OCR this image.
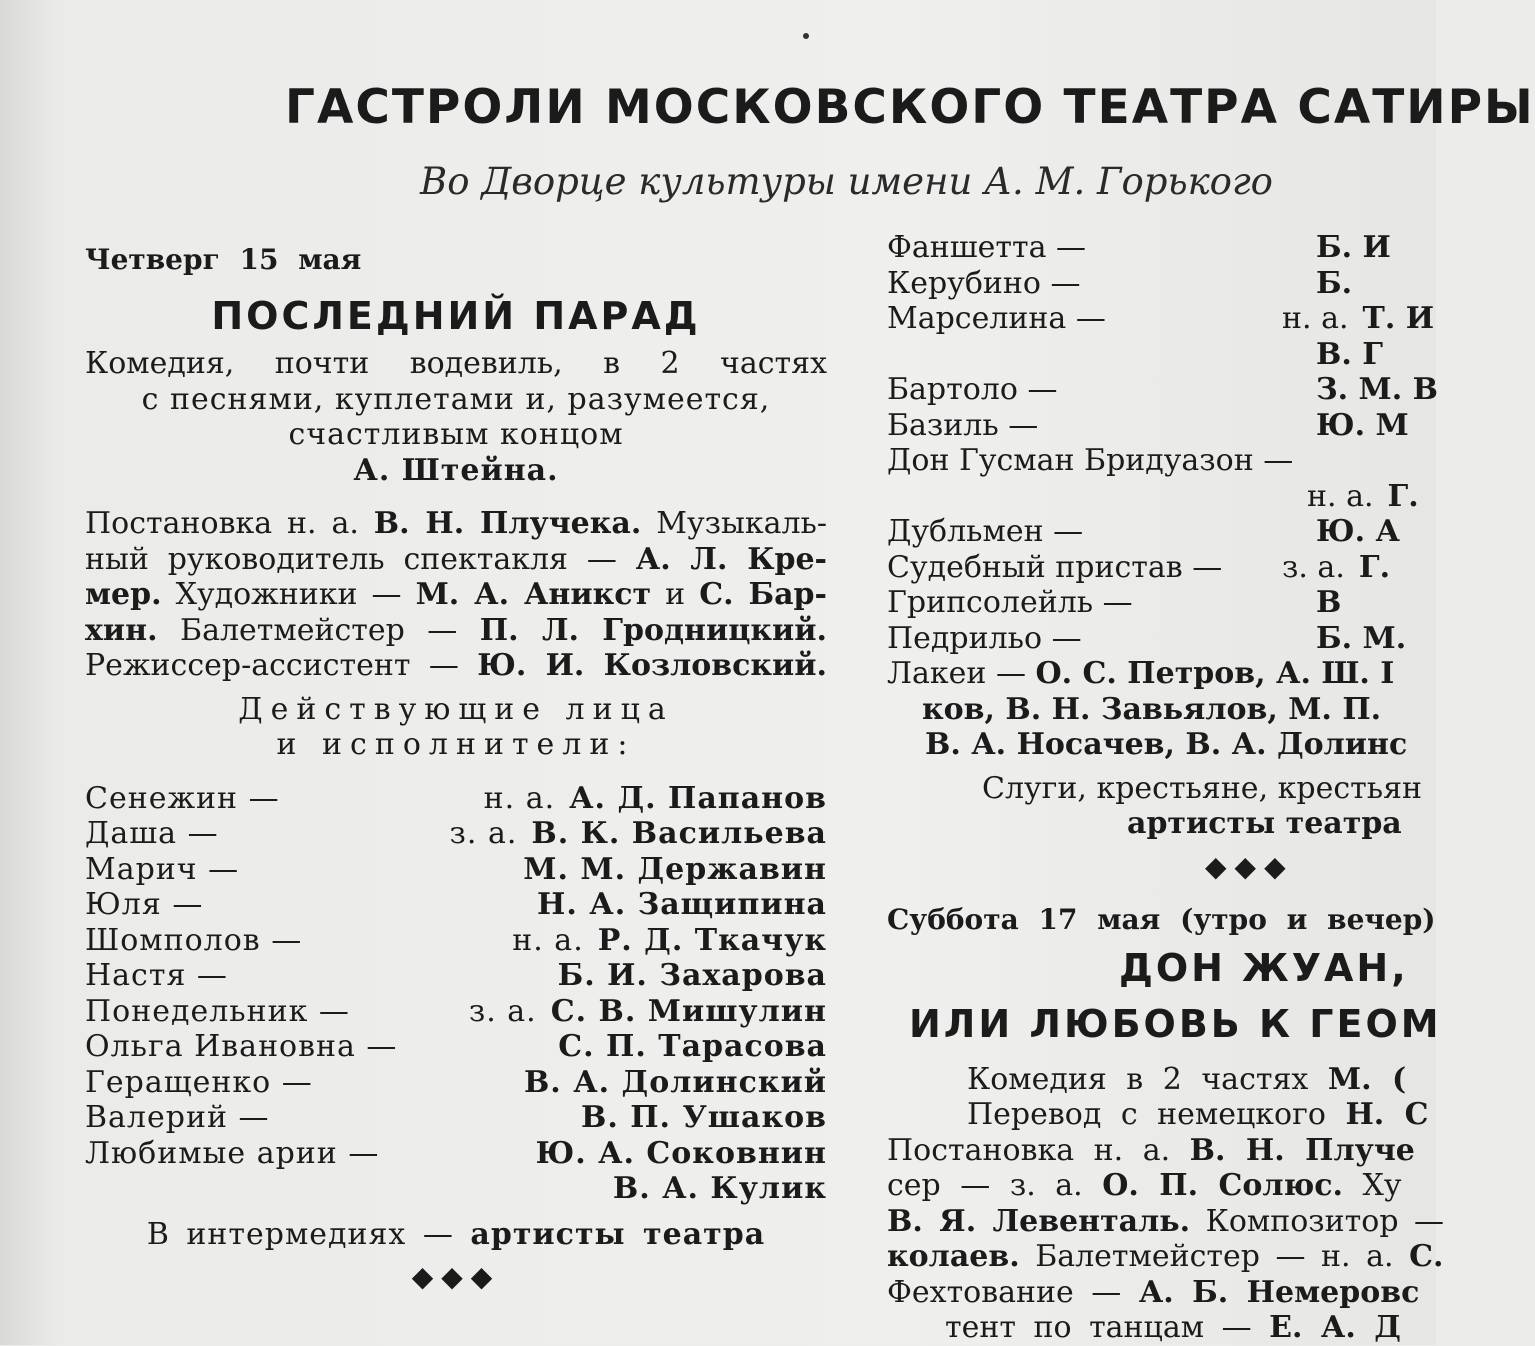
ГАСТРОЛИ МОСКОВСКОГО ТЕАТРА САТИРЫ
Во Дворце культуры имени А. М. Горького
Четверг 15 мая
ПОСЛЕДНИЙ ПАРАД
Комедия, почти водевиль, в 2 частях
с песнями, куплетами и, разумеется,
счастливым концом
А. Штейна.
Постановка н. а. В. Н. Плучека. Музыкаль-
ный руководитель спектакля — А. Л. Кре-
мер. Художники — М. А. Аникст и С. Бар-
хин. Балетмейстер — П. Л. Гродницкий.
Режиссер-ассистент — Ю. И. Козловский.
Действующие лица
и исполнители:
Сенежин —	н. а. А. Д. Папанов
Даша —	з. а. В. К. Васильева
Марич —	М. М. Державин
Юля —	Н. А. Защипина
Шомполов —	н. а. Р. Д. Ткачук
Настя —	Б. И. Захарова
Понедельник —	з. а. С. В. Мишулин
Ольга Ивановна —	С. П. Тарасова
Геращенко —	В. А. Долинский
Валерий —	В. П. Ушаков
Любимые арии —	Ю. А. Соковнин
В. А. Кулик
В интермедиях — артисты театра
◆◆◆
Фаншетта —	Б. И
Керубино —	Б.
Марселина —	н. а. Т. И
В. Г
Бартоло —	З. М. В
Базиль —	Ю. М
Дон Гусман Бридуазон —
н. а. Г.
Дубльмен —	Ю. А
Судебный пристав —	з. а. Г.
Грипсолейль —	В
Педрильо —	Б. М.
Лакеи — О. С. Петров, А. Ш. I
ков, В. Н. Завьялов, М. П.
В. А. Носачев, В. А. Долинс
Слуги, крестьяне, крестьян
артисты театра
◆◆◆
Суббота 17 мая (утро и вечер)
ДОН ЖУАН,
ИЛИ ЛЮБОВЬ К ГЕОМ
Комедия в 2 частях М. (
Перевод с немецкого Н. С
Постановка н. а. В. Н. Плуче
сер — з. а. О. П. Солюс. Ху
В. Я. Левенталь. Композитор —
колаев. Балетмейстер — н. а. С.
Фехтование — А. Б. Немеровс
тент по танцам — Е. А. Д
